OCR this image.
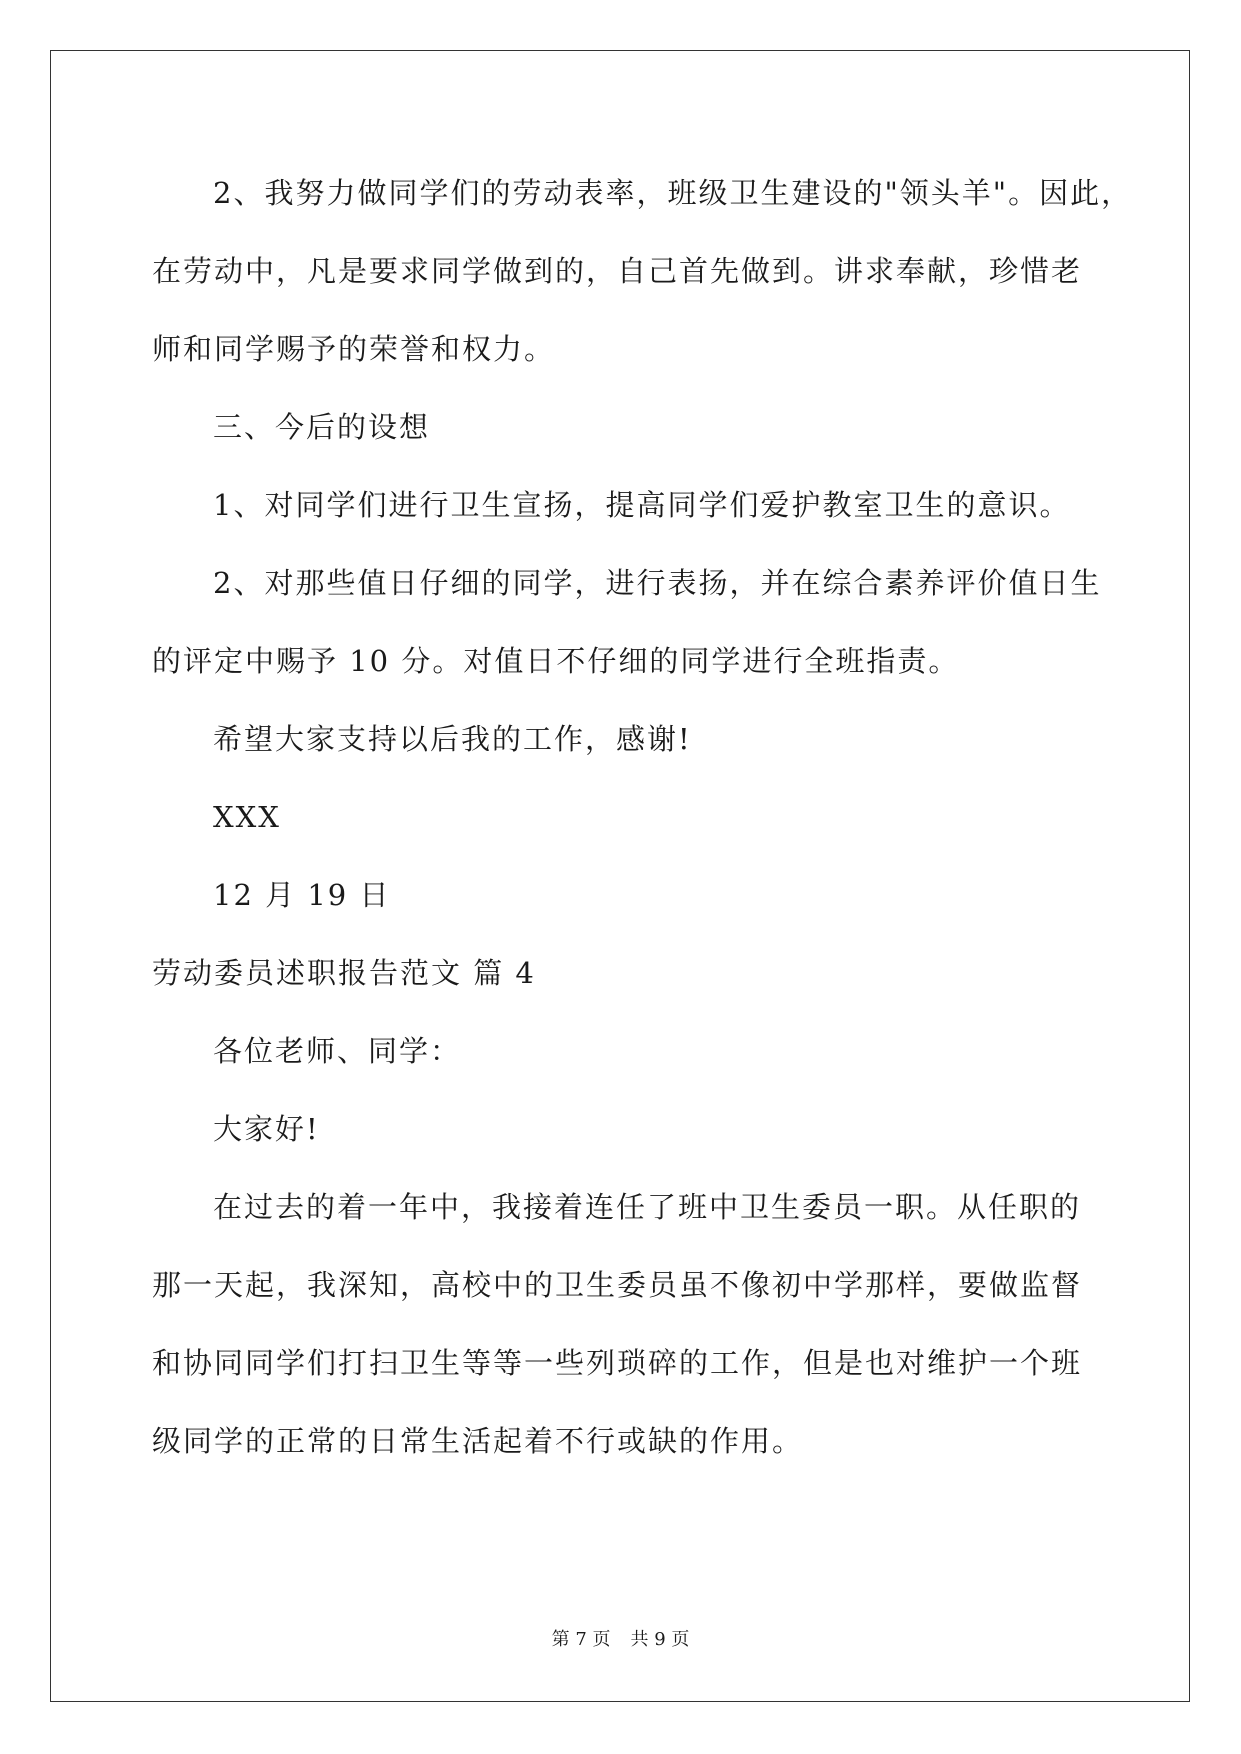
2、我努力做同学们的劳动表率，班级卫生建设的"领头羊"。因此，
在劳动中，凡是要求同学做到的，自己首先做到。讲求奉献，珍惜老
师和同学赐予的荣誉和权力。
三、今后的设想
1、对同学们进行卫生宣扬，提高同学们爱护教室卫生的意识。
2、对那些值日仔细的同学，进行表扬，并在综合素养评价值日生
的评定中赐予 10 分。对值日不仔细的同学进行全班指责。
希望大家支持以后我的工作，感谢!
XXX
12 月 19 日
劳动委员述职报告范文 篇 4
各位老师、同学：
大家好!
在过去的着一年中，我接着连任了班中卫生委员一职。从任职的
那一天起，我深知，高校中的卫生委员虽不像初中学那样，要做监督
和协同同学们打扫卫生等等一些列琐碎的工作，但是也对维护一个班
级同学的正常的日常生活起着不行或缺的作用。
第 7 页 共 9 页
